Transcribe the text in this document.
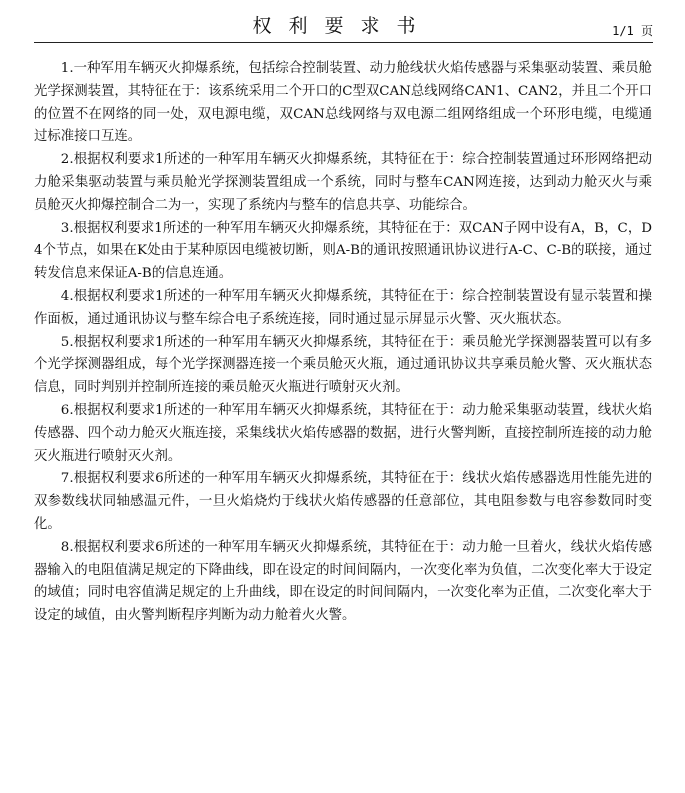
权利要求书	1/1 页

1.一种军用车辆灭火抑爆系统，包括综合控制装置、动力舱线状火焰传感器与采集驱动装置、乘员舱光学探测装置，其特征在于：该系统采用二个开口的C型双CAN总线网络CAN1、CAN2，并且二个开口的位置不在网络的同一处，双电源电缆，双CAN总线网络与双电源二组网络组成一个环形电缆，电缆通过标准接口互连。

2.根据权利要求1所述的一种军用车辆灭火抑爆系统，其特征在于：综合控制装置通过环形网络把动力舱采集驱动装置与乘员舱光学探测装置组成一个系统，同时与整车CAN网连接，达到动力舱灭火与乘员舱灭火抑爆控制合二为一，实现了系统内与整车的信息共享、功能综合。

3.根据权利要求1所述的一种军用车辆灭火抑爆系统，其特征在于：双CAN子网中设有A，B，C，D4个节点，如果在K处由于某种原因电缆被切断，则A-B的通讯按照通讯协议进行A-C、C-B的联接，通过转发信息来保证A-B的信息连通。

4.根据权利要求1所述的一种军用车辆灭火抑爆系统，其特征在于：综合控制装置设有显示装置和操作面板，通过通讯协议与整车综合电子系统连接，同时通过显示屏显示火警、灭火瓶状态。

5.根据权利要求1所述的一种军用车辆灭火抑爆系统，其特征在于：乘员舱光学探测器装置可以有多个光学探测器组成，每个光学探测器连接一个乘员舱灭火瓶，通过通讯协议共享乘员舱火警、灭火瓶状态信息，同时判别并控制所连接的乘员舱灭火瓶进行喷射灭火剂。

6.根据权利要求1所述的一种军用车辆灭火抑爆系统，其特征在于：动力舱采集驱动装置，线状火焰传感器、四个动力舱灭火瓶连接，采集线状火焰传感器的数据，进行火警判断，直接控制所连接的动力舱灭火瓶进行喷射灭火剂。

7.根据权利要求6所述的一种军用车辆灭火抑爆系统，其特征在于：线状火焰传感器选用性能先进的双参数线状同轴感温元件，一旦火焰烧灼于线状火焰传感器的任意部位，其电阻参数与电容参数同时变化。

8.根据权利要求6所述的一种军用车辆灭火抑爆系统，其特征在于：动力舱一旦着火，线状火焰传感器输入的电阻值满足规定的下降曲线，即在设定的时间间隔内，一次变化率为负值，二次变化率大于设定的域值；同时电容值满足规定的上升曲线，即在设定的时间间隔内，一次变化率为正值，二次变化率大于设定的域值，由火警判断程序判断为动力舱着火火警。
